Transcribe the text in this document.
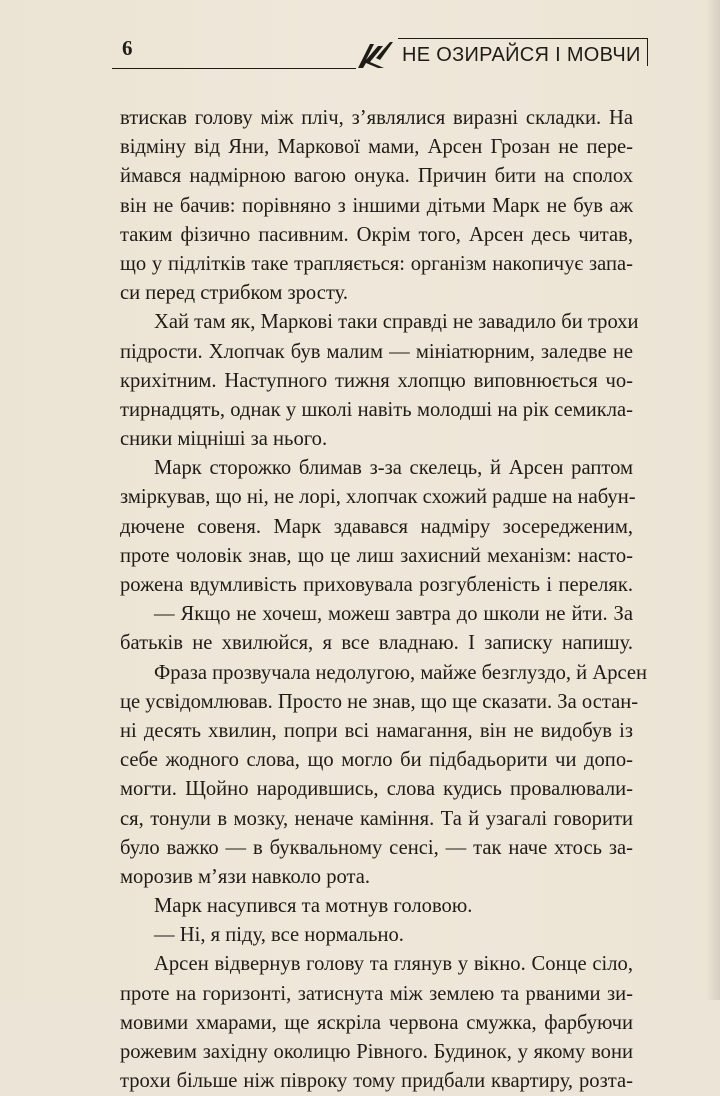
6	НЕ ОЗИРАЙСЯ І МОВЧИ
втискав голову між пліч, з’являлися виразні складки. На
відміну від Яни, Маркової мами, Арсен Грозан не пере-
ймався надмірною вагою онука. Причин бити на сполох
він не бачив: порівняно з іншими дітьми Марк не був аж
таким фізично пасивним. Окрім того, Арсен десь читав,
що у підлітків таке трапляється: організм накопичує запа-
си перед стрибком зросту.
Хай там як, Маркові таки справді не завадило би трохи
підрости. Хлопчак був малим — мініатюрним, заледве не
крихітним. Наступного тижня хлопцю виповнюється чо-
тирнадцять, однак у школі навіть молодші на рік семикла-
сники міцніші за нього.
Марк сторожко блимав з-за скелець, й Арсен раптом
зміркував, що ні, не лорі, хлопчак схожий радше на набун-
дючене совеня. Марк здавався надміру зосередженим,
проте чоловік знав, що це лиш захисний механізм: насто-
рожена вдумливість приховувала розгубленість і переляк.
— Якщо не хочеш, можеш завтра до школи не йти. За
батьків не хвилюйся, я все владнаю. І записку напишу.
Фраза прозвучала недолугою, майже безглуздо, й Арсен
це усвідомлював. Просто не знав, що ще сказати. За остан-
ні десять хвилин, попри всі намагання, він не видобув із
себе жодного слова, що могло би підбадьорити чи допо-
могти. Щойно народившись, слова кудись провалювали-
ся, тонули в мозку, неначе каміння. Та й узагалі говорити
було важко — в буквальному сенсі, — так наче хтось за-
морозив м’язи навколо рота.
Марк насупився та мотнув головою.
— Ні, я піду, все нормально.
Арсен відвернув голову та глянув у вікно. Сонце сіло,
проте на горизонті, затиснута між землею та рваними зи-
мовими хмарами, ще яскріла червона смужка, фарбуючи
рожевим західну околицю Рівного. Будинок, у якому вони
трохи більше ніж півроку тому придбали квартиру, розта-
